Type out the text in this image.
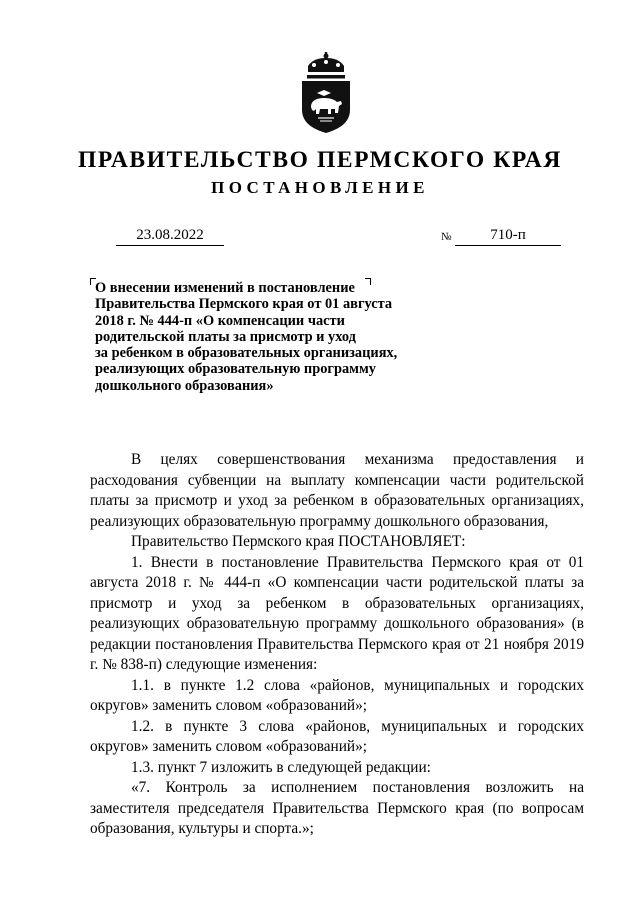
ПРАВИТЕЛЬСТВО ПЕРМСКОГО КРАЯ
ПОСТАНОВЛЕНИЕ
23.08.2022	№	710-п
О внесении изменений в постановление
Правительства Пермского края от 01 августа
2018 г. № 444-п «О компенсации части
родительской платы за присмотр и уход
за ребенком в образовательных организациях,
реализующих образовательную программу
дошкольного образования»

В целях совершенствования механизма предоставления и расходования субвенции на выплату компенсации части родительской платы за присмотр и уход за ребенком в образовательных организациях, реализующих образовательную программу дошкольного образования,

Правительство Пермского края ПОСТАНОВЛЯЕТ:

1. Внести в постановление Правительства Пермского края от 01 августа 2018 г. № 444-п «О компенсации части родительской платы за присмотр и уход за ребенком в образовательных организациях, реализующих образовательную программу дошкольного образования» (в редакции постановления Правительства Пермского края от 21 ноября 2019 г. № 838-п) следующие изменения:

1.1. в пункте 1.2 слова «районов, муниципальных и городских округов» заменить словом «образований»;

1.2. в пункте 3 слова «районов, муниципальных и городских округов» заменить словом «образований»;

1.3. пункт 7 изложить в следующей редакции:

«7. Контроль за исполнением постановления возложить на заместителя председателя Правительства Пермского края (по вопросам образования, культуры и спорта.»;
